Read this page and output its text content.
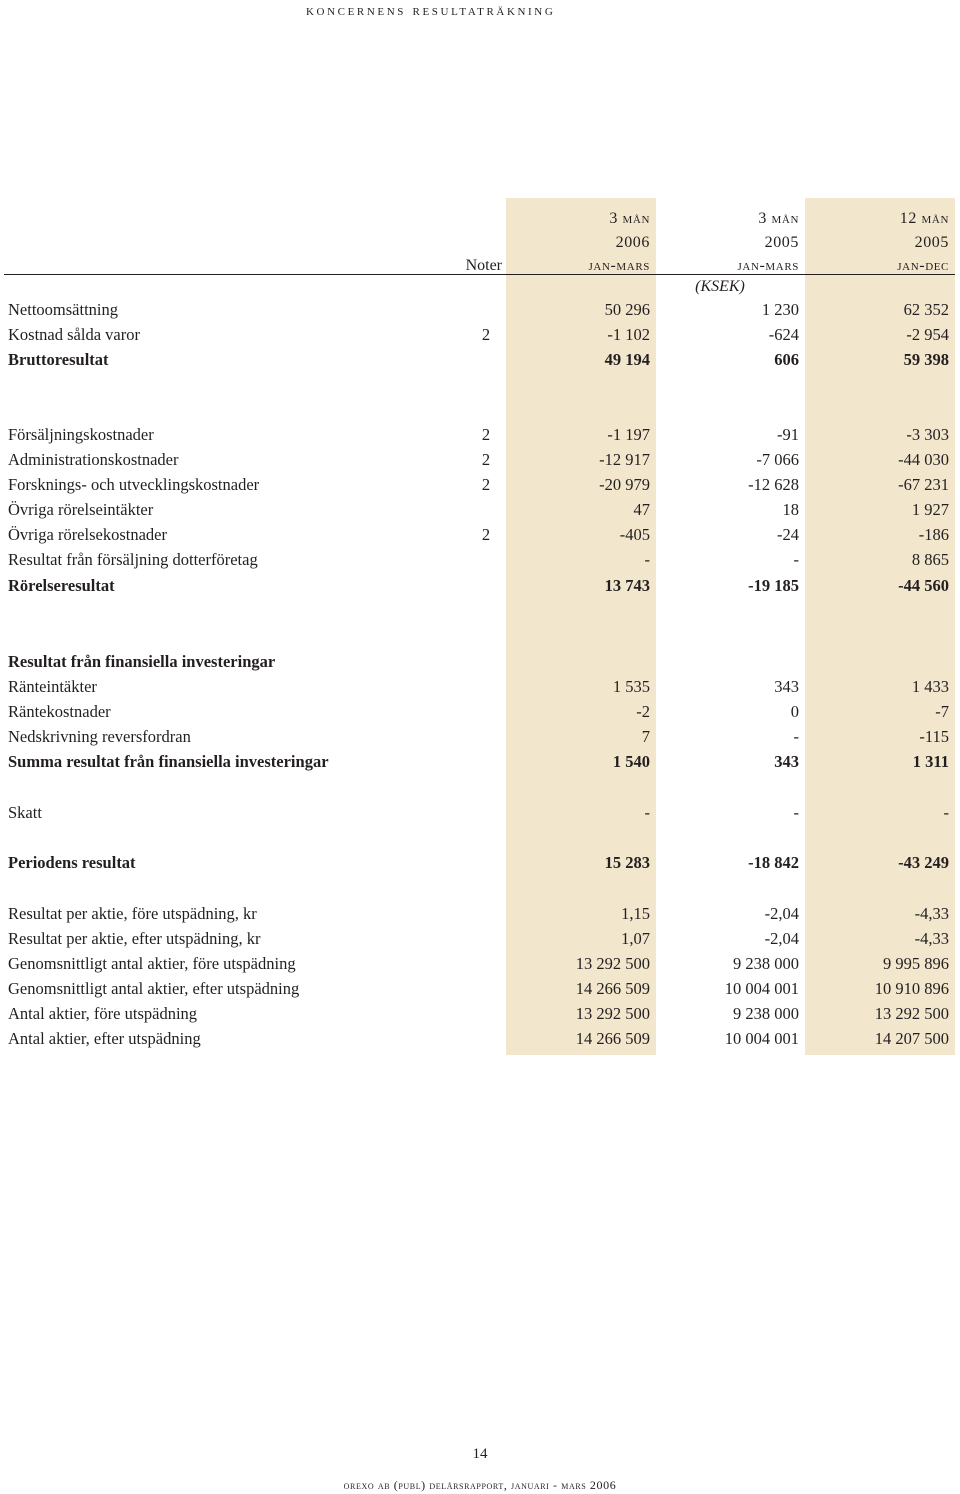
koncernens resultaträkning
3 mån	3 mån	12 mån
2006	2005	2005
Noter	jan-mars	jan-mars	jan-dec
(KSEK)
Nettoomsättning	50 296	1 230	62 352
Kostnad sålda varor	2	-1 102	-624	-2 954
Bruttoresultat	49 194	606	59 398
Försäljningskostnader	2	-1 197	-91	-3 303
Administrationskostnader	2	-12 917	-7 066	-44 030
Forsknings- och utvecklingskostnader	2	-20 979	-12 628	-67 231
Övriga rörelseintäkter	47	18	1 927
Övriga rörelsekostnader	2	-405	-24	-186
Resultat från försäljning dotterföretag	-	-	8 865
Rörelseresultat	13 743	-19 185	-44 560
Resultat från finansiella investeringar
Ränteintäkter	1 535	343	1 433
Räntekostnader	-2	0	-7
Nedskrivning reversfordran	7	-	-115
Summa resultat från finansiella investeringar	1 540	343	1 311
Skatt	-	-	-
Periodens resultat	15 283	-18 842	-43 249
Resultat per aktie, före utspädning, kr	1,15	-2,04	-4,33
Resultat per aktie, efter utspädning, kr	1,07	-2,04	-4,33
Genomsnittligt antal aktier, före utspädning	13 292 500	9 238 000	9 995 896
Genomsnittligt antal aktier, efter utspädning	14 266 509	10 004 001	10 910 896
Antal aktier, före utspädning	13 292 500	9 238 000	13 292 500
Antal aktier, efter utspädning	14 266 509	10 004 001	14 207 500
14
orexo ab (publ) delårsrapport, januari - mars 2006
